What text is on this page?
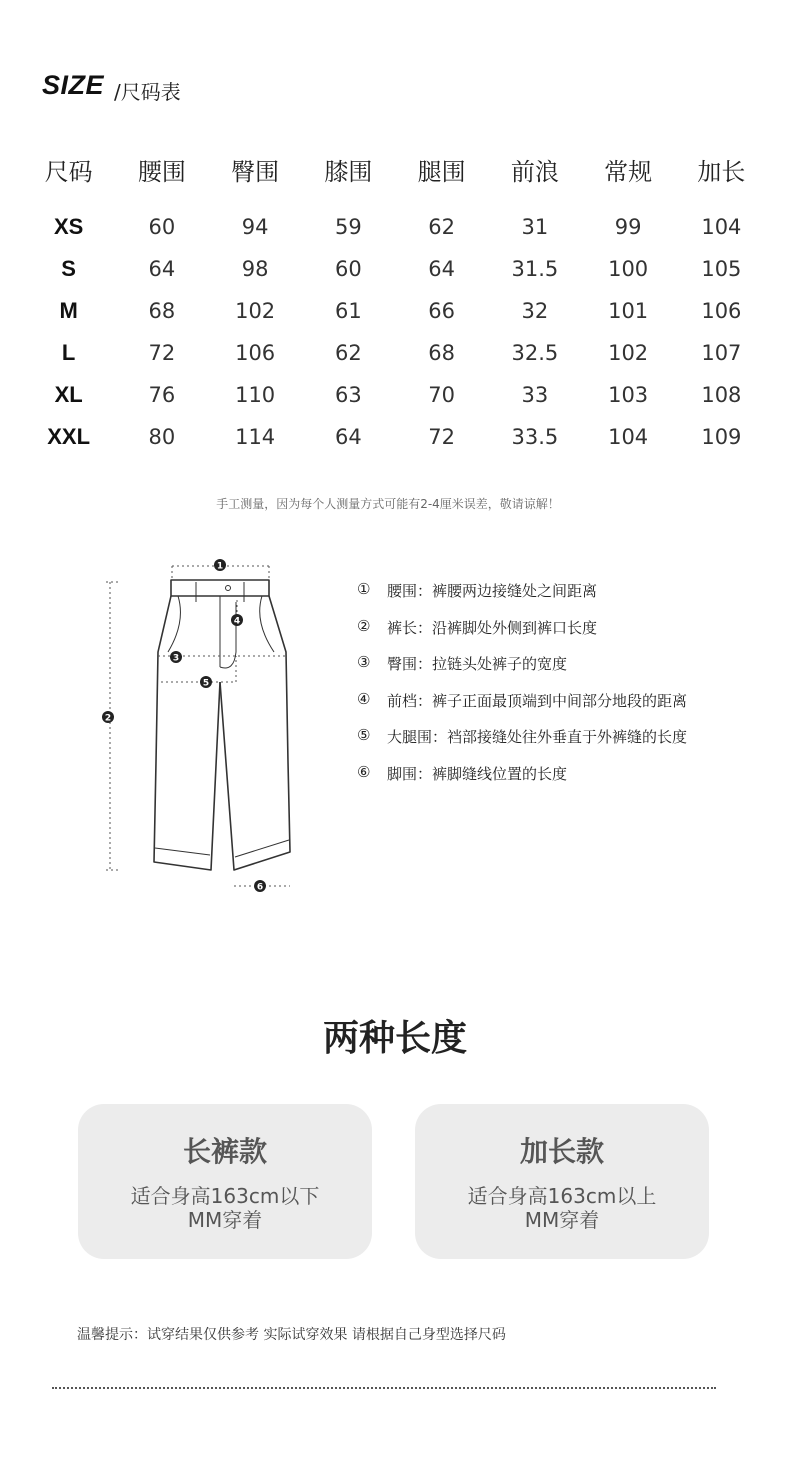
SIZE /尺码表
尺码	腰围	臀围	膝围	腿围	前浪	常规	加长
XS	60	94	59	62	31	99	104
S	64	98	60	64	31.5	100	105
M	68	102	61	66	32	101	106
L	72	106	62	68	32.5	102	107
XL	76	110	63	70	33	103	108
XXL	80	114	64	72	33.5	104	109
手工测量，因为每个人测量方式可能有2-4厘米误差，敬请谅解！
1
2
3
4
5
6
①	腰围：裤腰两边接缝处之间距离
②	裤长：沿裤脚处外侧到裤口长度
③	臀围：拉链头处裤子的宽度
④	前档：裤子正面最顶端到中间部分地段的距离
⑤	大腿围：裆部接缝处往外垂直于外裤缝的长度
⑥	脚围：裤脚缝线位置的长度
两种长度
长裤款
适合身高163cm以下
MM穿着
加长款
适合身高163cm以上
MM穿着
温馨提示：试穿结果仅供参考 实际试穿效果 请根据自己身型选择尺码
